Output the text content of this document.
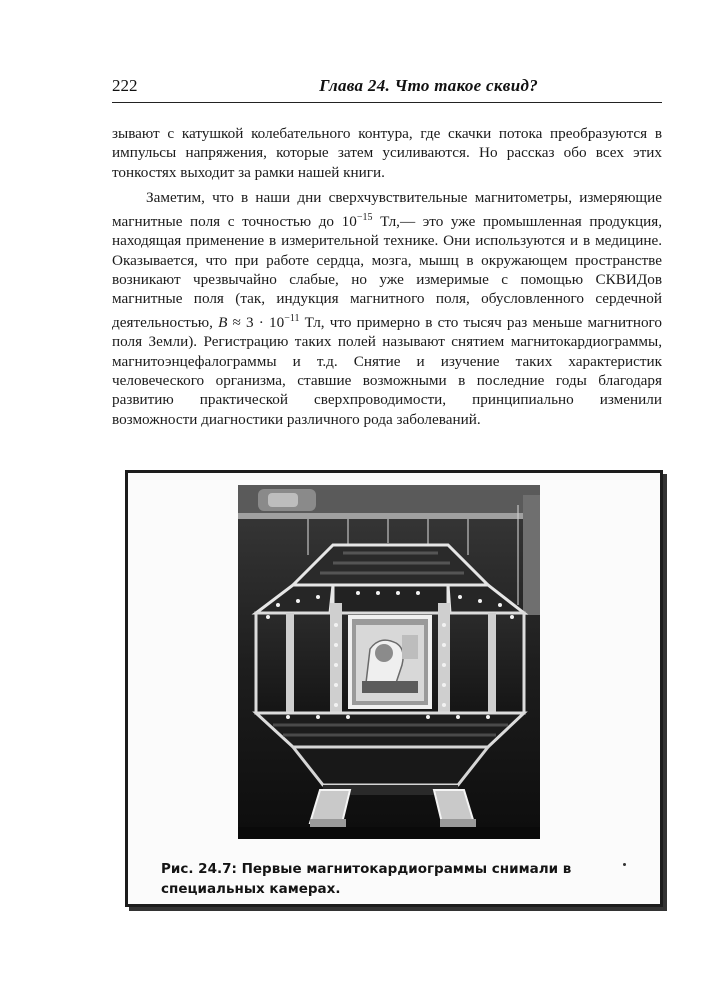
222	Глава 24. Что такое сквид?

зывают с катушкой колебательного контура, где скачки потока преобразуются в импульсы напряжения, которые затем усиливаются. Но рассказ обо всех этих тонкостях выходит за рамки нашей книги.

Заметим, что в наши дни сверхчувствительные магнитометры, измеряющие магнитные поля с точностью до $10^{-15}$ Тл,— это уже промышленная продукция, находящая применение в измерительной технике. Они используются и в медицине. Оказывается, что при работе сердца, мозга, мышц в окружающем пространстве возникают чрезвычайно слабые, но уже измеримые с помощью СКВИДов магнитные поля (так, индукция магнитного поля, обусловленного сердечной деятельностью, $B \approx 3 \cdot 10^{-11}$ Тл, что примерно в сто тысяч раз меньше магнитного поля Земли). Регистрацию таких полей называют снятием магнитокардиограммы, магнитоэнцефалограммы и т.д. Снятие и изучение таких характеристик человеческого организма, ставшие возможными в последние годы благодаря развитию практической сверхпроводимости, принципиально изменили возможности диагностики различного рода заболеваний.

Рис. 24.7: Первые магнитокардиограммы снимали в специальных камерах.
